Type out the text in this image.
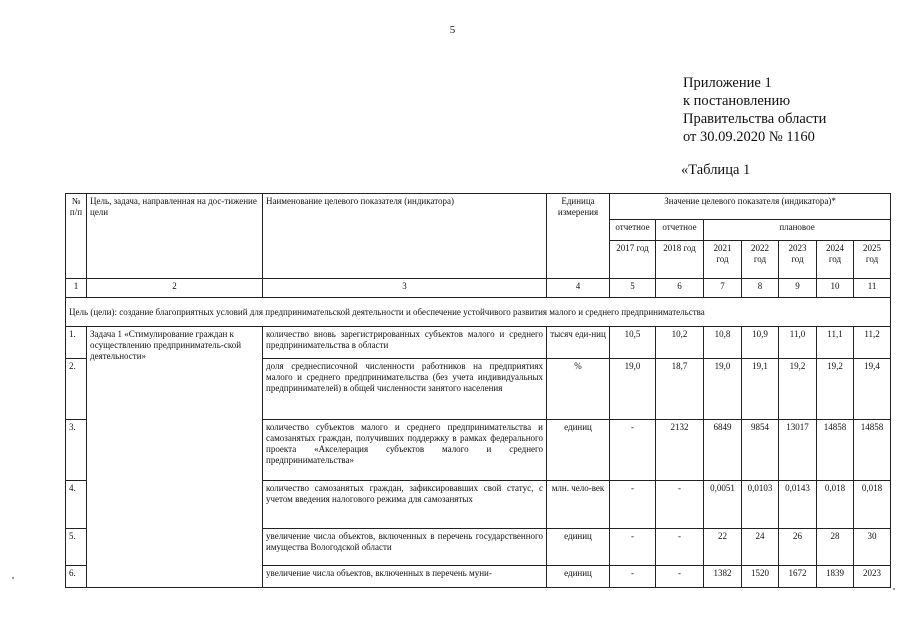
5
Приложение 1
к постановлению
Правительства области
от 30.09.2020 № 1160
«Таблица 1
№ п/п	Цель, задача, направленная на дос-тижение цели	Наименование целевого показателя (индикатора)	Единица измерения	Значение целевого показателя (индикатора)*						
				отчетное	отчетное	плановое				
				2017 год	2018 год	2021 год	2022 год	2023 год	2024 год	2025 год
1	2	3	4	5	6	7	8	9	10	11
Цель (цели): создание благоприятных условий для предпринимательской деятельности и обеспечение устойчивого развития малого и среднего предпринимательства										
1.	Задача 1 «Стимулирование граждан к осуществлению предприниматель-ской деятельности»	количество вновь зарегистрированных субъектов малого и среднего предпринимательства в области	тысяч еди-ниц	10,5	10,2	10,8	10,9	11,0	11,1	11,2
2.		доля среднесписочной численности работников на предприятиях малого и среднего предпринимательства (без учета индивидуальных предпринимателей) в общей численности занятого населения	%	19,0	18,7	19,0	19,1	19,2	19,2	19,4
3.		количество субъектов малого и среднего предпринимательства и самозанятых граждан, получивших поддержку в рамках федерального проекта «Акселерация субъектов малого и среднего предпринимательства»	единиц	-	2132	6849	9854	13017	14858	14858
4.		количество самозанятых граждан, зафиксировавших свой статус, с учетом введения налогового режима для самозанятых	млн. чело-век	-	-	0,0051	0,0103	0,0143	0,018	0,018
5.		увеличение числа объектов, включенных в перечень государственного имущества Вологодской области	единиц	-	-	22	24	26	28	30
6.		увеличение числа объектов, включенных в перечень муни-	единиц	-	-	1382	1520	1672	1839	2023
